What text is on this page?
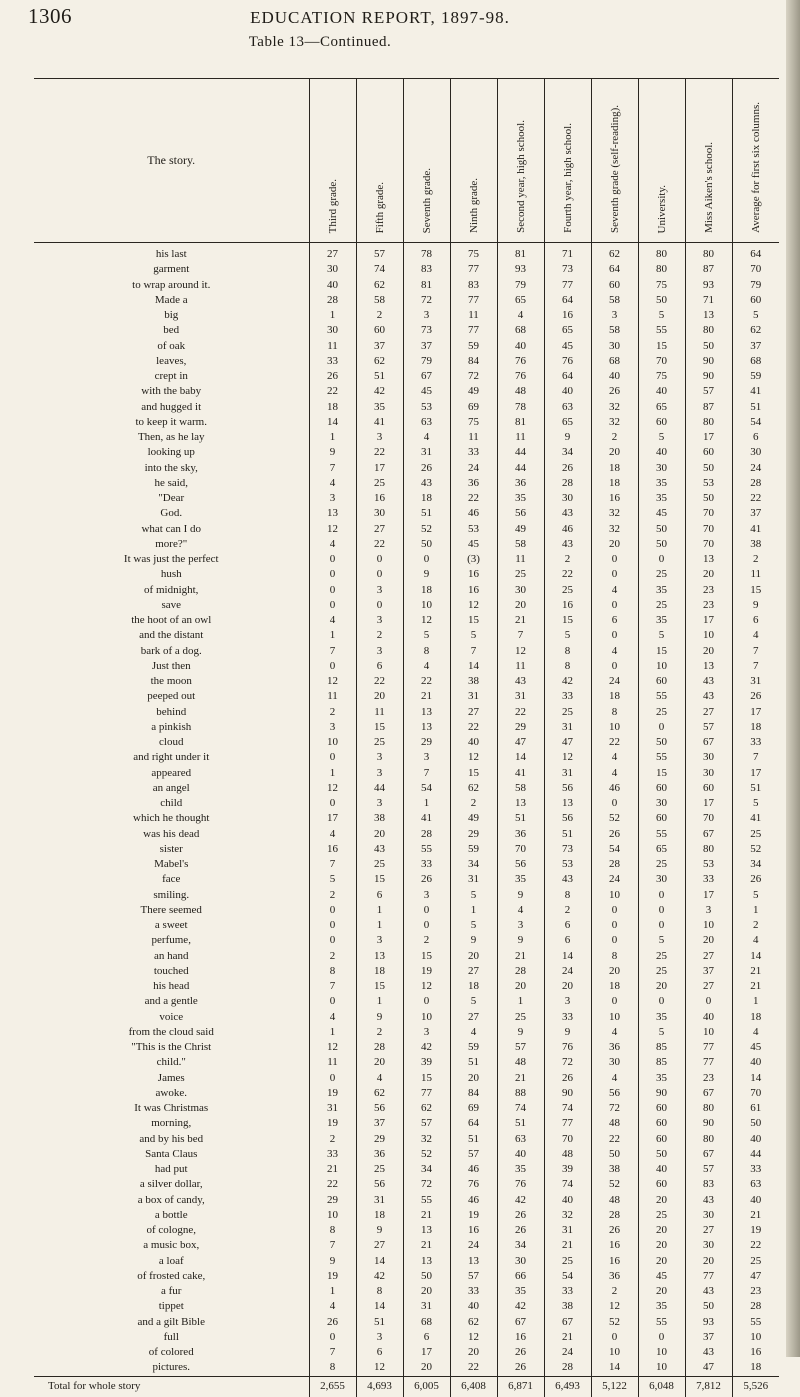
1306	EDUCATION REPORT, 1897-98.
Table 13—Continued.
The story.	Third grade.	Fifth grade.	Seventh grade.	Ninth grade.	Second year, high school.	Fourth year, high school.	Seventh grade (self-reading).	University.	Miss Aiken's school.	Average for first six columns.
his last	27	57	78	75	81	71	62	80	80	64
garment	30	74	83	77	93	73	64	80	87	70
to wrap around it.	40	62	81	83	79	77	60	75	93	79
Made a	28	58	72	77	65	64	58	50	71	60
big	1	2	3	11	4	16	3	5	13	5
bed	30	60	73	77	68	65	58	55	80	62
of oak	11	37	37	59	40	45	30	15	50	37
leaves,	33	62	79	84	76	76	68	70	90	68
crept in	26	51	67	72	76	64	40	75	90	59
with the baby	22	42	45	49	48	40	26	40	57	41
and hugged it	18	35	53	69	78	63	32	65	87	51
to keep it warm.	14	41	63	75	81	65	32	60	80	54
Then, as he lay	1	3	4	11	11	9	2	5	17	6
looking up	9	22	31	33	44	34	20	40	60	30
into the sky,	7	17	26	24	44	26	18	30	50	24
he said,	4	25	43	36	36	28	18	35	53	28
"Dear	3	16	18	22	35	30	16	35	50	22
God.	13	30	51	46	56	43	32	45	70	37
what can I do	12	27	52	53	49	46	32	50	70	41
more?"	4	22	50	45	58	43	20	50	70	38
It was just the perfect	0	0	0	(3)	11	2	0	0	13	2
hush	0	0	9	16	25	22	0	25	20	11
of midnight,	0	3	18	16	30	25	4	35	23	15
save	0	0	10	12	20	16	0	25	23	9
the hoot of an owl	4	3	12	15	21	15	6	35	17	6
and the distant	1	2	5	5	7	5	0	5	10	4
bark of a dog.	7	3	8	7	12	8	4	15	20	7
Just then	0	6	4	14	11	8	0	10	13	7
the moon	12	22	22	38	43	42	24	60	43	31
peeped out	11	20	21	31	31	33	18	55	43	26
behind	2	11	13	27	22	25	8	25	27	17
a pinkish	3	15	13	22	29	31	10	0	57	18
cloud	10	25	29	40	47	47	22	50	67	33
and right under it	0	3	3	12	14	12	4	55	30	7
appeared	1	3	7	15	41	31	4	15	30	17
an angel	12	44	54	62	58	56	46	60	60	51
child	0	3	1	2	13	13	0	30	17	5
which he thought	17	38	41	49	51	56	52	60	70	41
was his dead	4	20	28	29	36	51	26	55	67	25
sister	16	43	55	59	70	73	54	65	80	52
Mabel's	7	25	33	34	56	53	28	25	53	34
face	5	15	26	31	35	43	24	30	33	26
smiling.	2	6	3	5	9	8	10	0	17	5
There seemed	0	1	0	1	4	2	0	0	3	1
a sweet	0	1	0	5	3	6	0	0	10	2
perfume,	0	3	2	9	9	6	0	5	20	4
an hand	2	13	15	20	21	14	8	25	27	14
touched	8	18	19	27	28	24	20	25	37	21
his head	7	15	12	18	20	20	18	20	27	21
and a gentle	0	1	0	5	1	3	0	0	0	1
voice	4	9	10	27	25	33	10	35	40	18
from the cloud said	1	2	3	4	9	9	4	5	10	4
"This is the Christ	12	28	42	59	57	76	36	85	77	45
child."	11	20	39	51	48	72	30	85	77	40
James	0	4	15	20	21	26	4	35	23	14
awoke.	19	62	77	84	88	90	56	90	67	70
It was Christmas	31	56	62	69	74	74	72	60	80	61
morning,	19	37	57	64	51	77	48	60	90	50
and by his bed	2	29	32	51	63	70	22	60	80	40
Santa Claus	33	36	52	57	40	48	50	50	67	44
had put	21	25	34	46	35	39	38	40	57	33
a silver dollar,	22	56	72	76	76	74	52	60	83	63
a box of candy,	29	31	55	46	42	40	48	20	43	40
a bottle	10	18	21	19	26	32	28	25	30	21
of cologne,	8	9	13	16	26	31	26	20	27	19
a music box,	7	27	21	24	34	21	16	20	30	22
a loaf	9	14	13	13	30	25	16	20	20	25
of frosted cake,	19	42	50	57	66	54	36	45	77	47
a fur	1	8	20	33	35	33	2	20	43	23
tippet	4	14	31	40	42	38	12	35	50	28
and a gilt Bible	26	51	68	62	67	67	52	55	93	55
full	0	3	6	12	16	21	0	0	37	10
of colored	7	6	17	20	26	24	10	10	43	16
pictures.	8	12	20	22	26	28	14	10	47	18
Total for whole story	2,655	4,693	6,005	6,408	6,871	6,493	5,122	6,048	7,812	5,526
